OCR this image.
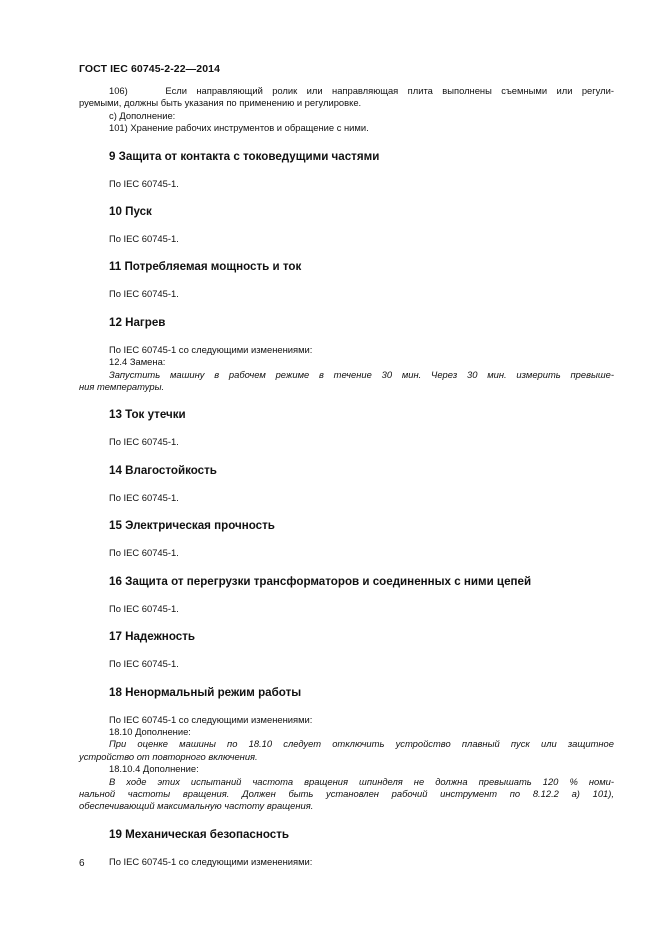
ГОСТ IEC 60745-2-22—2014

106)    Если направляющий ролик или направляющая плита выполнены съемными или регули-

руемыми, должны быть указания по применению и регулировке.

c) Дополнение:

101) Хранение рабочих инструментов и обращение с ними.

9 Защита от контакта с токоведущими частями

По IEC 60745-1.

10 Пуск

По IEC 60745-1.

11 Потребляемая мощность и ток

По IEC 60745-1.

12 Нагрев

По IEC 60745-1 со следующими изменениями:

12.4 Замена:

Запустить машину в рабочем режиме в течение 30 мин. Через 30 мин. измерить превыше-

ния температуры.

13 Ток утечки

По IEC 60745-1.

14 Влагостойкость

По IEC 60745-1.

15 Электрическая прочность

По IEC 60745-1.

16 Защита от перегрузки трансформаторов и соединенных с ними цепей

По IEC 60745-1.

17 Надежность

По IEC 60745-1.

18 Ненормальный режим работы

По IEC 60745-1 со следующими изменениями:

18.10 Дополнение:

При оценке машины по 18.10 следует отключить устройство плавный пуск или защитное

устройство от повторного включения.

18.10.4 Дополнение:

В ходе этих испытаний частота вращения шпинделя не должна превышать 120 % номи-

нальной частоты вращения. Должен быть установлен рабочий инструмент по 8.12.2 а) 101),

обеспечивающий максимальную частоту вращения.

19 Механическая безопасность

По IEC 60745-1 со следующими изменениями:

6
